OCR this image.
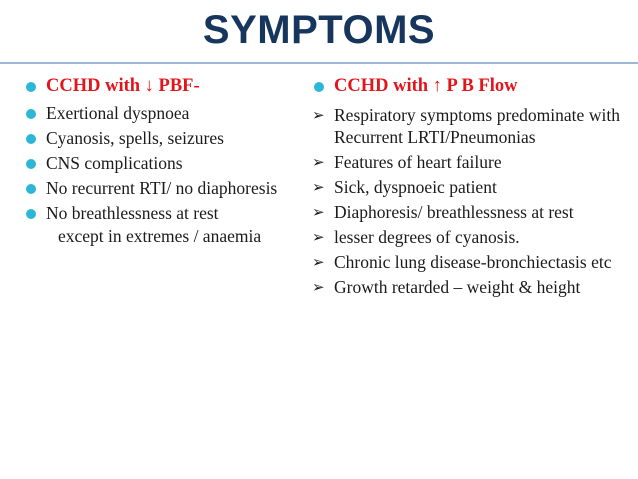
SYMPTOMS
CCHD with ↓ PBF-
Exertional dyspnoea
Cyanosis, spells, seizures
CNS complications
No recurrent RTI/ no diaphoresis
No breathlessness at rest
except in extremes / anaemia
CCHD with ↑ P B Flow
➢ Respiratory symptoms predominate with Recurrent LRTI/Pneumonias
➢ Features of heart failure
➢ Sick, dyspnoeic patient
➢ Diaphoresis/ breathlessness at rest
➢ lesser degrees of cyanosis.
➢ Chronic lung disease-bronchiectasis etc
➢ Growth retarded – weight & height
